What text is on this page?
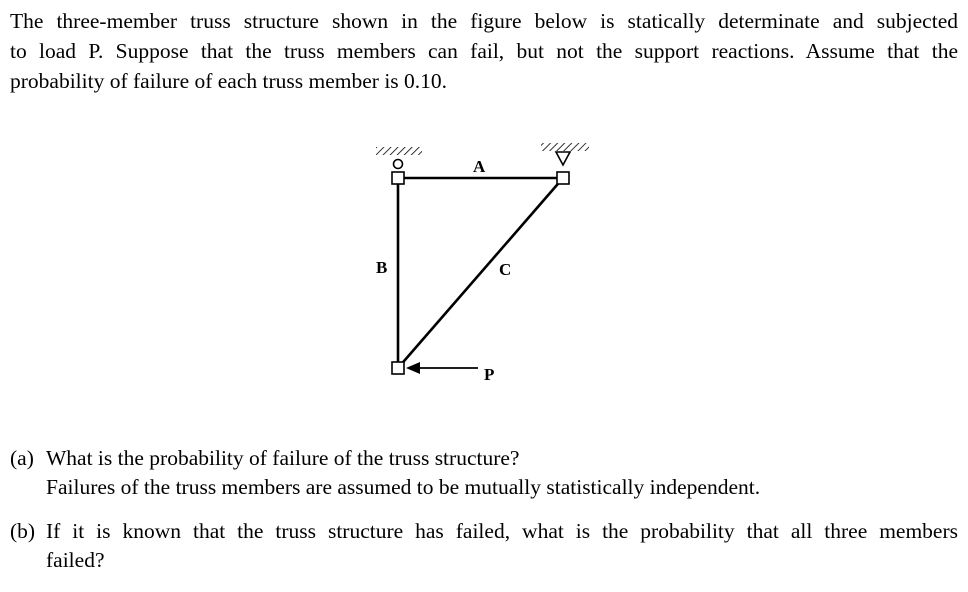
The three-member truss structure shown in the figure below is statically determinate and subjected
to load P. Suppose that the truss members can fail, but not the support reactions. Assume that the
probability of failure of each truss member is 0.10.
A
B	C
P
(a) What is the probability of failure of the truss structure?
Failures of the truss members are assumed to be mutually statistically independent.
(b) If it is known that the truss structure has failed, what is the probability that all three members
failed?
